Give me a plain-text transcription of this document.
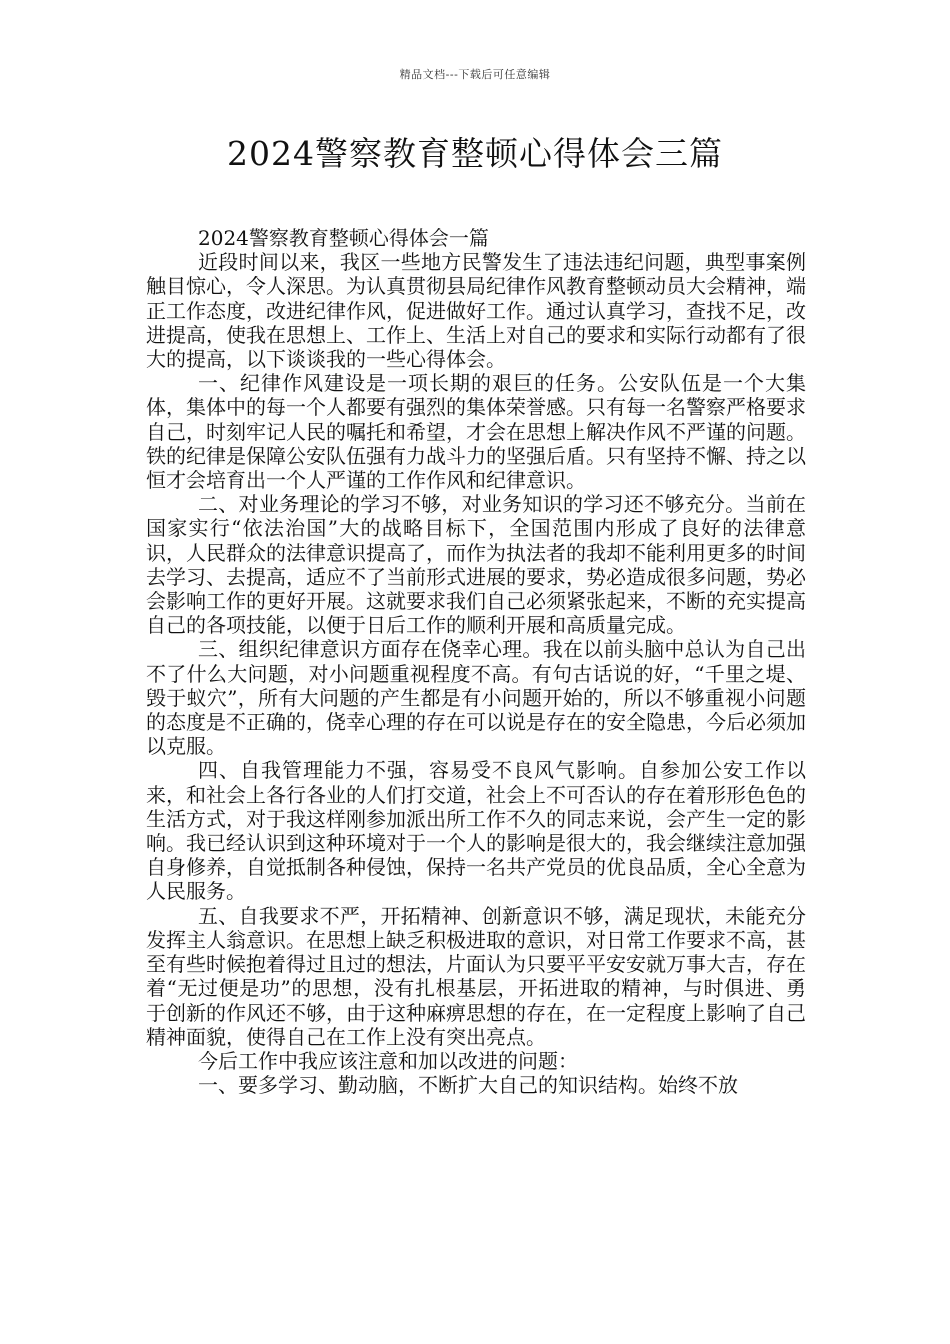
精品文档---下载后可任意编辑
2024警察教育整顿心得体会三篇

2024警察教育整顿心得体会一篇

近段时间以来，我区一些地方民警发生了违法违纪问题，典型事案例触目惊心，令人深思。为认真贯彻县局纪律作风教育整顿动员大会精神，端正工作态度，改进纪律作风，促进做好工作。通过认真学习，查找不足，改进提高，使我在思想上、工作上、生活上对自己的要求和实际行动都有了很大的提高，以下谈谈我的一些心得体会。

一、纪律作风建设是一项长期的艰巨的任务。公安队伍是一个大集体，集体中的每一个人都要有强烈的集体荣誉感。只有每一名警察严格要求自己，时刻牢记人民的嘱托和希望，才会在思想上解决作风不严谨的问题。铁的纪律是保障公安队伍强有力战斗力的坚强后盾。只有坚持不懈、持之以恒才会培育出一个人严谨的工作作风和纪律意识。

二、对业务理论的学习不够，对业务知识的学习还不够充分。当前在国家实行“依法治国”大的战略目标下，全国范围内形成了良好的法律意识，人民群众的法律意识提高了，而作为执法者的我却不能利用更多的时间去学习、去提高，适应不了当前形式进展的要求，势必造成很多问题，势必会影响工作的更好开展。这就要求我们自己必须紧张起来，不断的充实提高自己的各项技能，以便于日后工作的顺利开展和高质量完成。

三、组织纪律意识方面存在侥幸心理。我在以前头脑中总认为自己出不了什么大问题，对小问题重视程度不高。有句古话说的好，“千里之堤、毁于蚁穴”，所有大问题的产生都是有小问题开始的，所以不够重视小问题的态度是不正确的，侥幸心理的存在可以说是存在的安全隐患，今后必须加以克服。

四、自我管理能力不强，容易受不良风气影响。自参加公安工作以来，和社会上各行各业的人们打交道，社会上不可否认的存在着形形色色的生活方式，对于我这样刚参加派出所工作不久的同志来说，会产生一定的影响。我已经认识到这种环境对于一个人的影响是很大的，我会继续注意加强自身修养，自觉抵制各种侵蚀，保持一名共产党员的优良品质，全心全意为人民服务。

五、自我要求不严，开拓精神、创新意识不够，满足现状，未能充分发挥主人翁意识。在思想上缺乏积极进取的意识，对日常工作要求不高，甚至有些时候抱着得过且过的想法，片面认为只要平平安安就万事大吉，存在着“无过便是功”的思想，没有扎根基层，开拓进取的精神，与时俱进、勇于创新的作风还不够，由于这种麻痹思想的存在，在一定程度上影响了自己精神面貌，使得自己在工作上没有突出亮点。

今后工作中我应该注意和加以改进的问题：

一、要多学习、勤动脑，不断扩大自己的知识结构。始终不放
